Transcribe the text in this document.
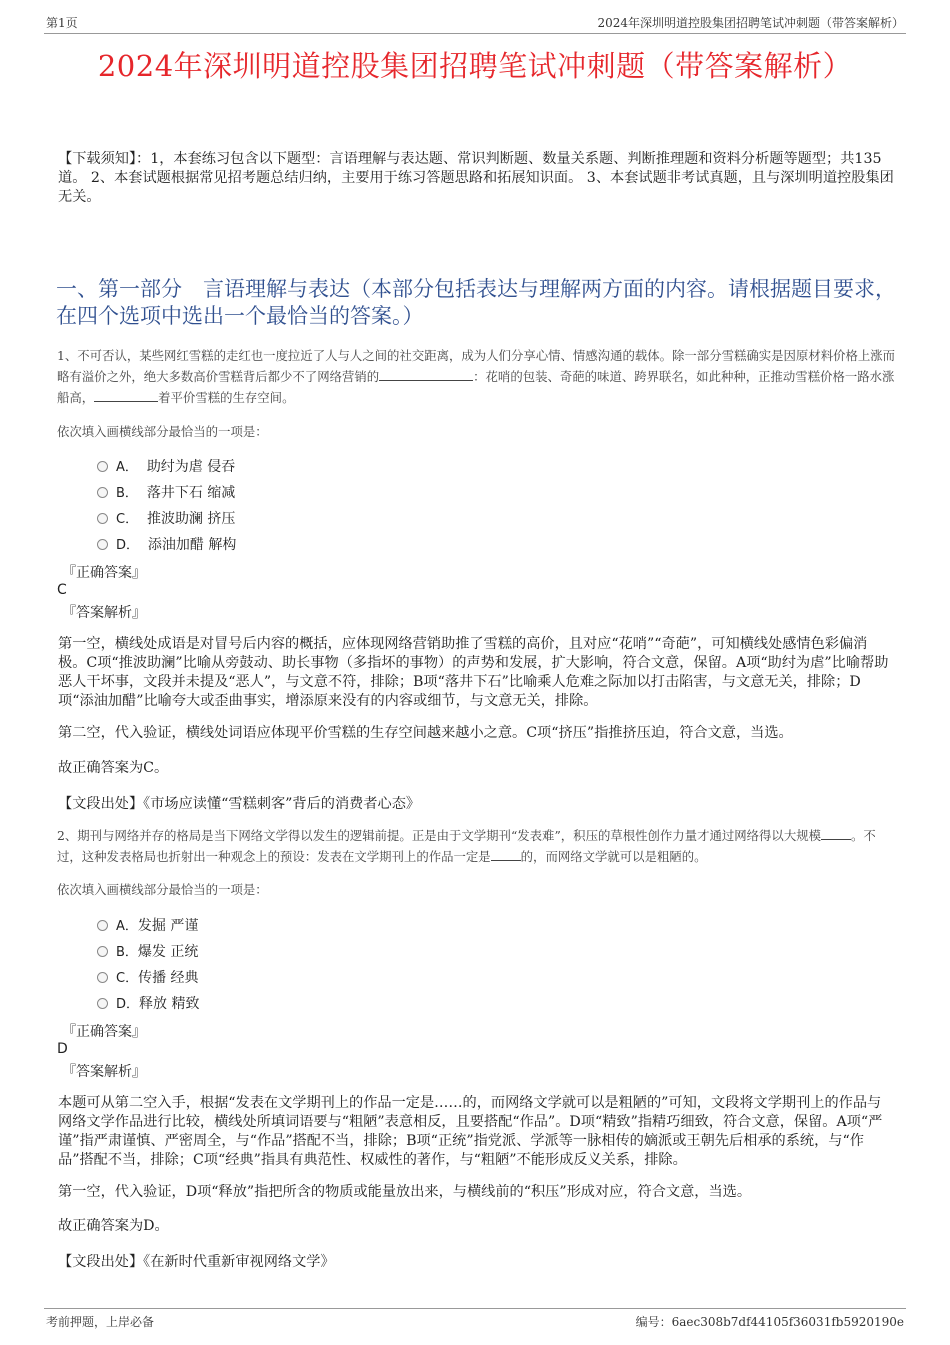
第1页	2024年深圳明道控股集团招聘笔试冲刺题（带答案解析）
2024年深圳明道控股集团招聘笔试冲刺题（带答案解析）
【下载须知】：1，本套练习包含以下题型：言语理解与表达题、常识判断题、数量关系题、判断推理题和资料分析题等题型；共135道。 2、本套试题根据常见招考题总结归纳，主要用于练习答题思路和拓展知识面。 3、本套试题非考试真题，且与深圳明道控股集团无关。
一、第一部分　言语理解与表达（本部分包括表达与理解两方面的内容。请根据题目要求，在四个选项中选出一个最恰当的答案。）
1、不可否认，某些网红雪糕的走红也一度拉近了人与人之间的社交距离，成为人们分享心情、情感沟通的载体。除一部分雪糕确实是因原材料价格上涨而略有溢价之外，绝大多数高价雪糕背后都少不了网络营销的	：花哨的包装、奇葩的味道、跨界联名，如此种种，正推动雪糕价格一路水涨船高，	着平价雪糕的生存空间。
依次填入画横线部分最恰当的一项是：
A． 助纣为虐 侵吞
B． 落井下石 缩减
C． 推波助澜 挤压
D． 添油加醋 解构
『正确答案』
C
『答案解析』
第一空，横线处成语是对冒号后内容的概括，应体现网络营销助推了雪糕的高价，且对应“花哨”“奇葩”，可知横线处感情色彩偏消极。C项“推波助澜”比喻从旁鼓动、助长事物（多指坏的事物）的声势和发展，扩大影响，符合文意，保留。A项“助纣为虐”比喻帮助恶人干坏事，文段并未提及“恶人”，与文意不符，排除；B项“落井下石”比喻乘人危难之际加以打击陷害，与文意无关，排除；D项“添油加醋”比喻夸大或歪曲事实，增添原来没有的内容或细节，与文意无关，排除。
第二空，代入验证，横线处词语应体现平价雪糕的生存空间越来越小之意。C项“挤压”指推挤压迫，符合文意，当选。
故正确答案为C。
【文段出处】《市场应读懂“雪糕刺客”背后的消费者心态》
2、期刊与网络并存的格局是当下网络文学得以发生的逻辑前提。正是由于文学期刊“发表难”，积压的草根性创作力量才通过网络得以大规模 。不过，这种发表格局也折射出一种观念上的预设：发表在文学期刊上的作品一定是 的，而网络文学就可以是粗陋的。
依次填入画横线部分最恰当的一项是：
A．发掘 严谨
B．爆发 正统
C．传播 经典
D．释放 精致
『正确答案』
D
『答案解析』
本题可从第二空入手，根据“发表在文学期刊上的作品一定是……的，而网络文学就可以是粗陋的”可知，文段将文学期刊上的作品与网络文学作品进行比较，横线处所填词语要与“粗陋”表意相反，且要搭配“作品”。D项“精致”指精巧细致，符合文意，保留。A项“严谨”指严肃谨慎、严密周全，与“作品”搭配不当，排除；B项“正统”指党派、学派等一脉相传的嫡派或王朝先后相承的系统，与“作品”搭配不当，排除；C项“经典”指具有典范性、权威性的著作，与“粗陋”不能形成反义关系，排除。
第一空，代入验证，D项“释放”指把所含的物质或能量放出来，与横线前的“积压”形成对应，符合文意，当选。
故正确答案为D。
【文段出处】《在新时代重新审视网络文学》
考前押题，上岸必备	编号：6aec308b7df44105f36031fb5920190e
